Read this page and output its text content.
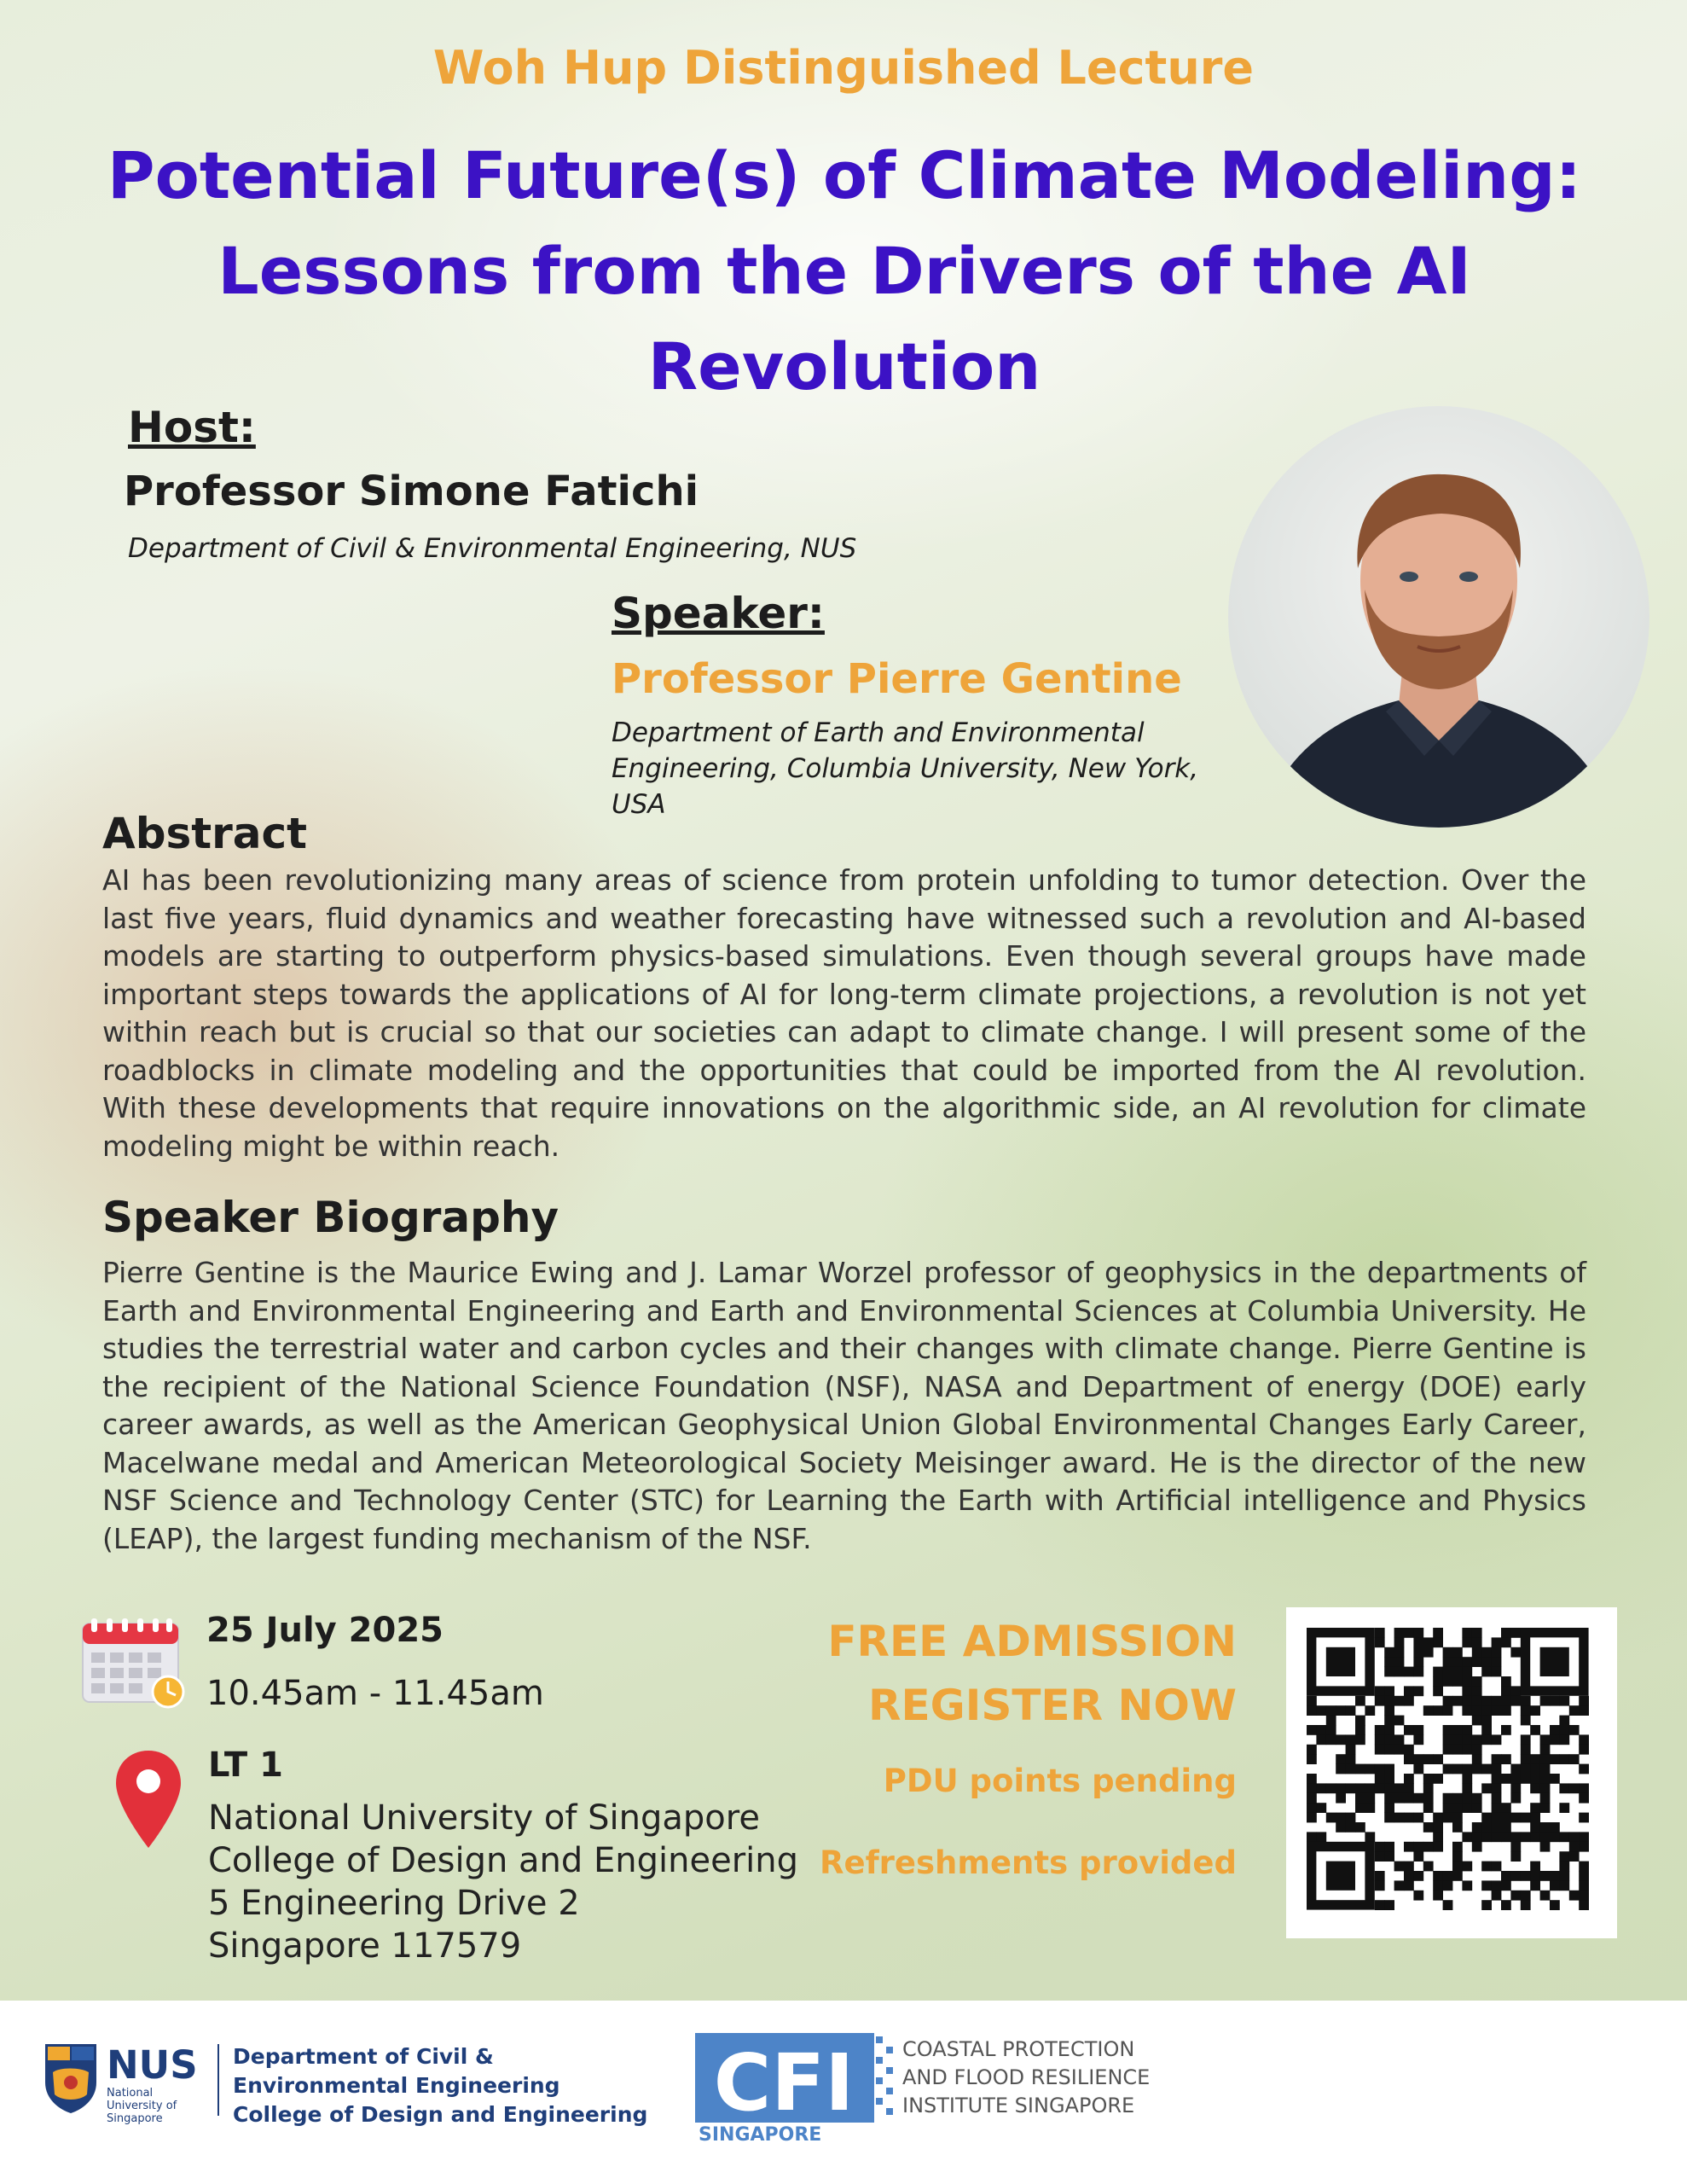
Woh Hup Distinguished Lecture
Potential Future(s) of Climate Modeling: Lessons from the Drivers of the AI Revolution
Host:
Professor Simone Fatichi
Department of Civil & Environmental Engineering, NUS
Speaker:
Professor Pierre Gentine
Department of Earth and Environmental Engineering, Columbia University, New York, USA
Abstract
AI has been revolutionizing many areas of science from protein unfolding to tumor detection. Over the last five years, fluid dynamics and weather forecasting have witnessed such a revolution and AI-based models are starting to outperform physics-based simulations. Even though several groups have made important steps towards the applications of AI for long-term climate projections, a revolution is not yet within reach but is crucial so that our societies can adapt to climate change. I will present some of the roadblocks in climate modeling and the opportunities that could be imported from the AI revolution. With these developments that require innovations on the algorithmic side, an AI revolution for climate modeling might be within reach.
Speaker Biography
Pierre Gentine is the Maurice Ewing and J. Lamar Worzel professor of geophysics in the departments of Earth and Environmental Engineering and Earth and Environmental Sciences at Columbia University. He studies the terrestrial water and carbon cycles and their changes with climate change. Pierre Gentine is the recipient of the National Science Foundation (NSF), NASA and Department of energy (DOE) early career awards, as well as the American Geophysical Union Global Environmental Changes Early Career, Macelwane medal and American Meteorological Society Meisinger award. He is the director of the new NSF Science and Technology Center (STC) for Learning the Earth with Artificial intelligence and Physics (LEAP), the largest funding mechanism of the NSF.
25 July 2025
10.45am - 11.45am
LT 1
National University of Singapore
College of Design and Engineering
5 Engineering Drive 2
Singapore 117579
FREE ADMISSION
REGISTER NOW
PDU points pending
Refreshments provided
NUS
National University of Singapore
Department of Civil &
Environmental Engineering
College of Design and Engineering CFI
SINGAPORE
COASTAL PROTECTION
AND FLOOD RESILIENCE
INSTITUTE SINGAPORE
